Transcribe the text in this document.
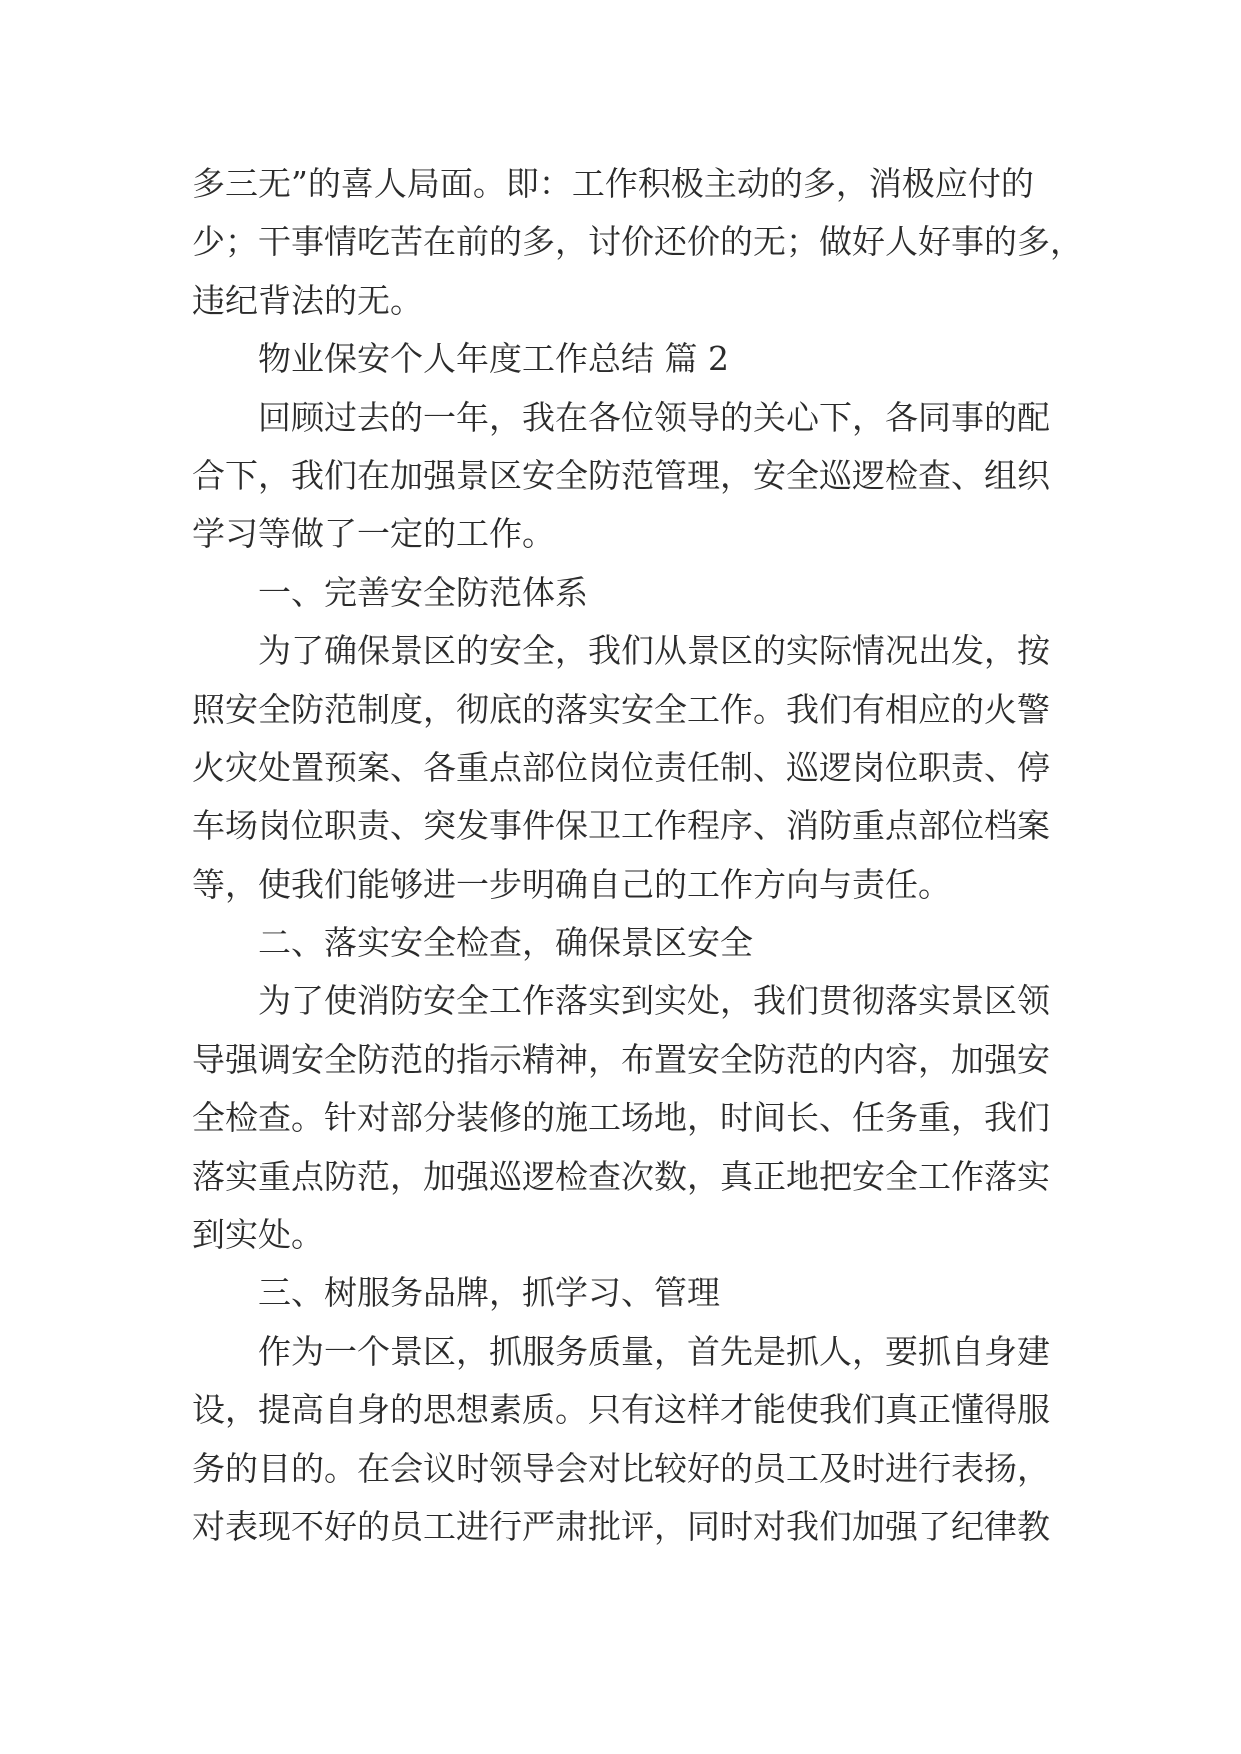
多三无”的喜人局面。即：工作积极主动的多，消极应付的
少；干事情吃苦在前的多，讨价还价的无；做好人好事的多，
违纪背法的无。
物业保安个人年度工作总结 篇 2
回顾过去的一年，我在各位领导的关心下，各同事的配
合下，我们在加强景区安全防范管理，安全巡逻检查、组织
学习等做了一定的工作。
一、完善安全防范体系
为了确保景区的安全，我们从景区的实际情况出发，按
照安全防范制度，彻底的落实安全工作。我们有相应的火警
火灾处置预案、各重点部位岗位责任制、巡逻岗位职责、停
车场岗位职责、突发事件保卫工作程序、消防重点部位档案
等，使我们能够进一步明确自己的工作方向与责任。
二、落实安全检查，确保景区安全
为了使消防安全工作落实到实处，我们贯彻落实景区领
导强调安全防范的指示精神，布置安全防范的内容，加强安
全检查。针对部分装修的施工场地，时间长、任务重，我们
落实重点防范，加强巡逻检查次数，真正地把安全工作落实
到实处。
三、树服务品牌，抓学习、管理
作为一个景区，抓服务质量，首先是抓人，要抓自身建
设，提高自身的思想素质。只有这样才能使我们真正懂得服
务的目的。在会议时领导会对比较好的员工及时进行表扬，
对表现不好的员工进行严肃批评，同时对我们加强了纪律教
